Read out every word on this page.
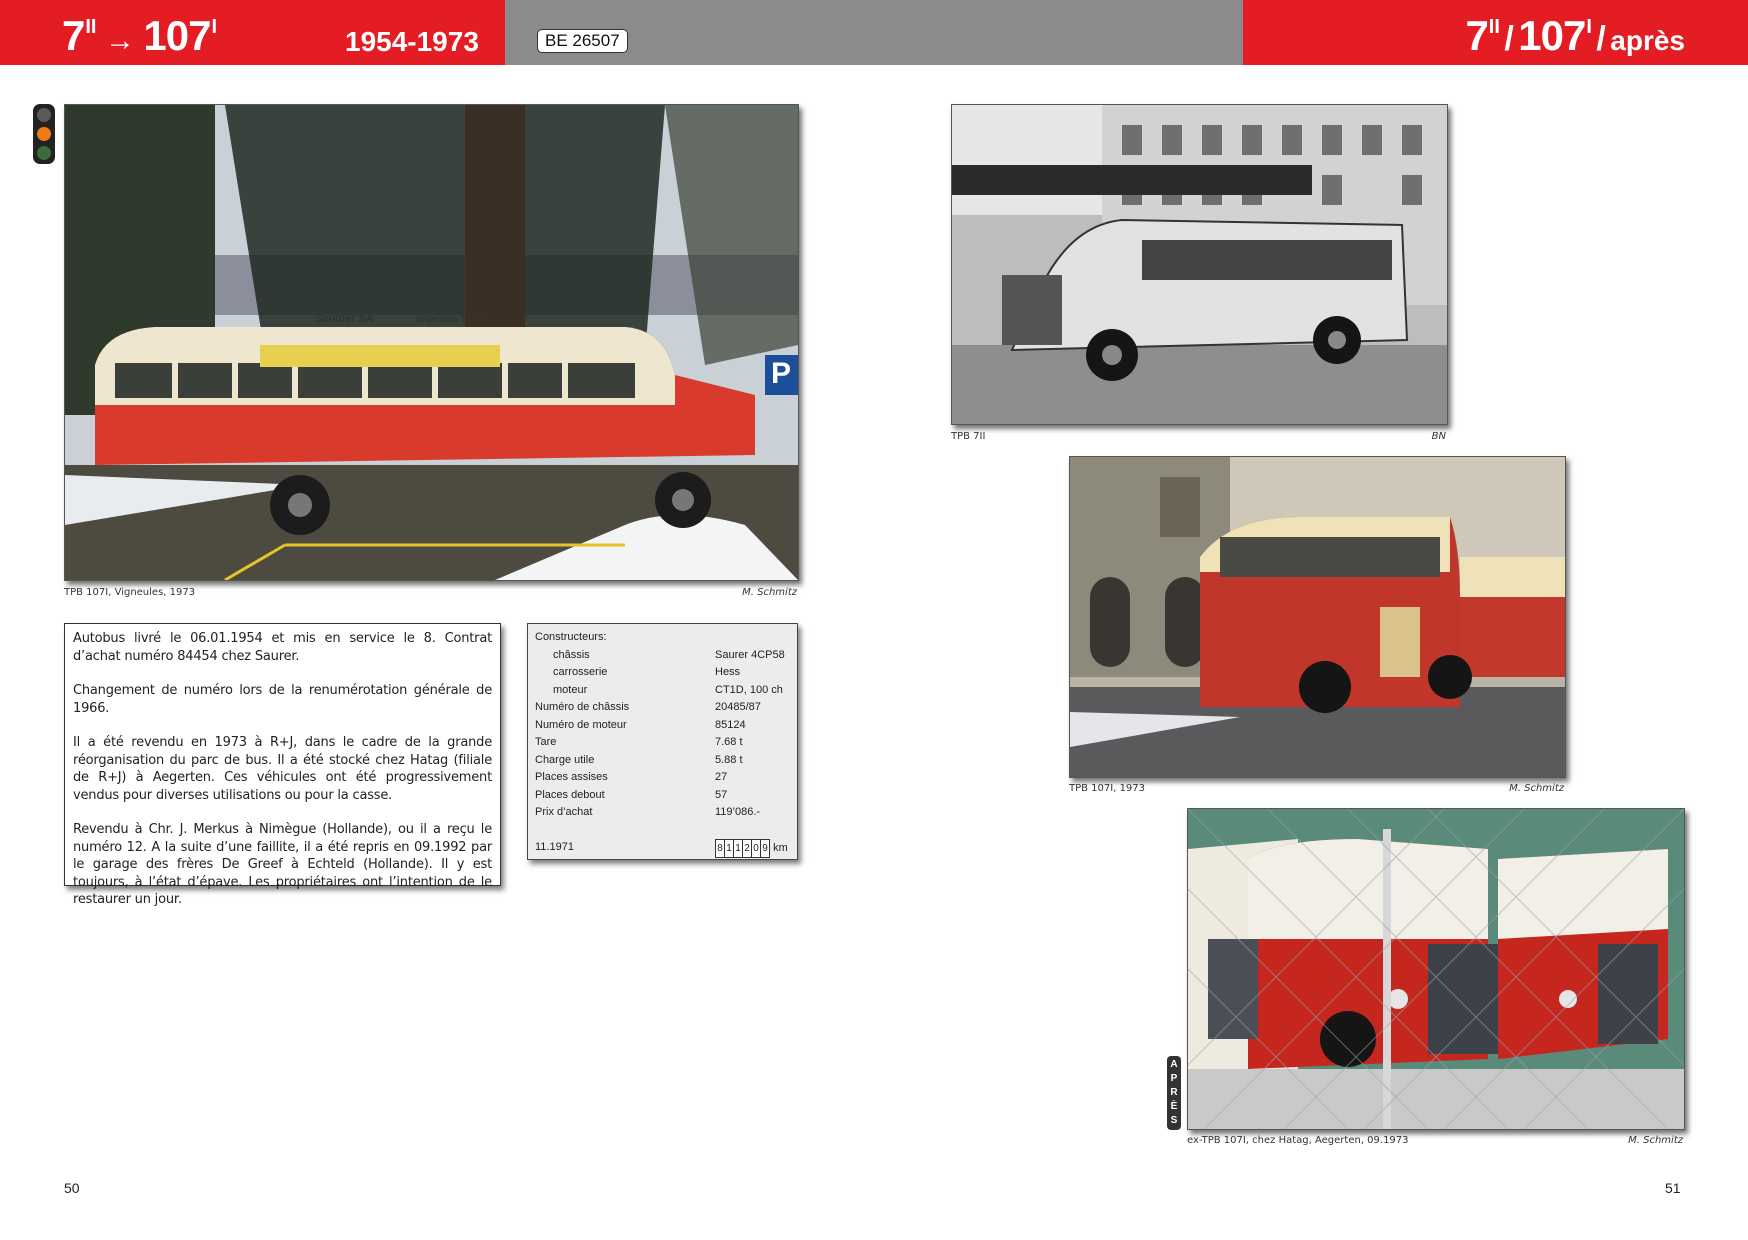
7II → 107I	1954-1973	BE 26507	7II / 107I / après
Schüler SA	imprime tout
P
TPB 107I, Vigneules, 1973	M. Schmitz

Autobus livré le 06.01.1954 et mis en service le 8. Contrat d’achat numéro 84454 chez Saurer.

Changement de numéro lors de la renumérotation générale de 1966.

Il a été revendu en 1973 à R+J, dans le cadre de la grande réorganisation du parc de bus. Il a été stocké chez Hatag (filiale de R+J) à Aegerten. Ces véhicules ont été progressivement vendus pour diverses utilisations ou pour la casse.

Revendu à Chr. J. Merkus à Nimègue (Hollande), ou il a reçu le numéro 12. A la suite d’une faillite, il a été repris en 09.1992 par le garage des frères De Greef à Echteld (Hollande). Il y est toujours, à l’état d’épave. Les propriétaires ont l’intention de le restaurer un jour.

Constructeurs:
châssis	Saurer 4CP58
carrosserie	Hess
moteur	CT1D, 100 ch
Numéro de châssis	20485/87
Numéro de moteur	85124
Tare	7.68 t
Charge utile	5.88 t
Places assises	27
Places debout	57
Prix d’achat	119’086.-
11.1971	8 1 1 2 0 9 km
TPB 7II	BN
TPB 107I, 1973	M. Schmitz
ex-TPB 107I, chez Hatag, Aegerten, 09.1973	M. Schmitz
A
P
R
È
S
50	51
